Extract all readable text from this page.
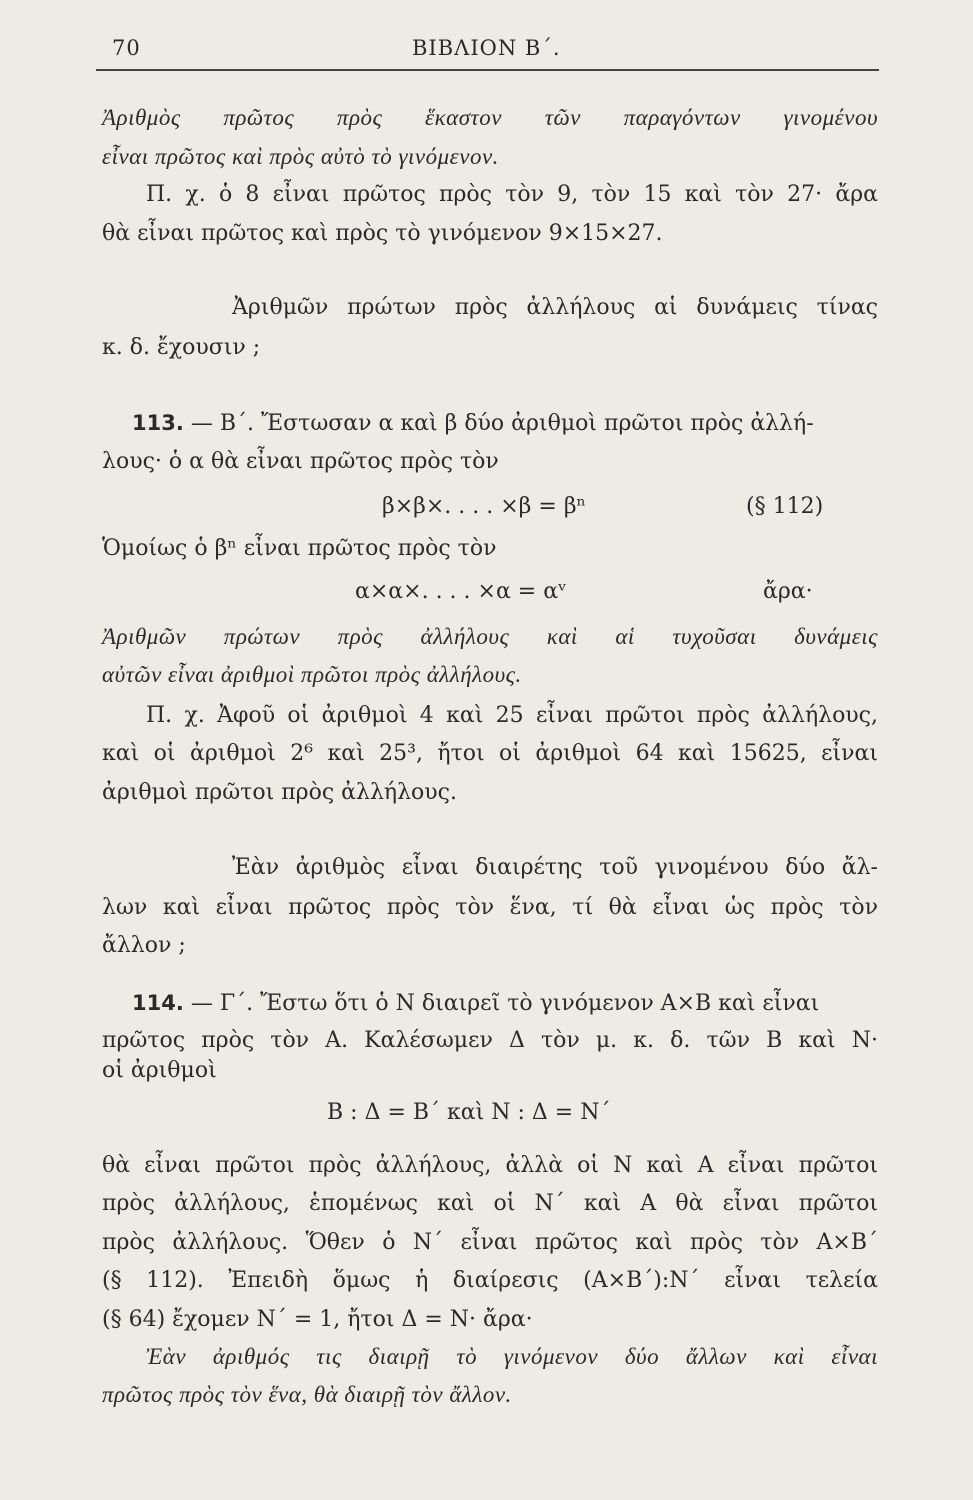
70	ΒΙΒΛΙΟΝ Β΄.
Ἀριθμὸς πρῶτος πρὸς ἕκαστον τῶν παραγόντων γινομένου
εἶναι πρῶτος καὶ πρὸς αὐτὸ τὸ γινόμενον.
Π. χ. ὁ 8 εἶναι πρῶτος πρὸς τὸν 9, τὸν 15 καὶ τὸν 27· ἄρα
θὰ εἶναι πρῶτος καὶ πρὸς τὸ γινόμενον 9×15×27.
Ἀριθμῶν πρώτων πρὸς ἀλλήλους αἱ δυνάμεις τίνας
κ. δ. ἔχουσιν ;
113. — Β΄. Ἔστωσαν α καὶ β δύο ἀριθμοὶ πρῶτοι πρὸς ἀλλή-
λους· ὁ α θὰ εἶναι πρῶτος πρὸς τὸν
β×β×. . . . ×β = βⁿ	(§ 112)
Ὁμοίως ὁ βⁿ εἶναι πρῶτος πρὸς τὸν
α×α×. . . . ×α = αᵛ	ἄρα·
Ἀριθμῶν πρώτων πρὸς ἀλλήλους καὶ αἱ τυχοῦσαι δυνάμεις
αὐτῶν εἶναι ἀριθμοὶ πρῶτοι πρὸς ἀλλήλους.
Π. χ. Ἀφοῦ οἱ ἀριθμοὶ 4 καὶ 25 εἶναι πρῶτοι πρὸς ἀλλήλους,
καὶ οἱ ἀριθμοὶ 2⁶ καὶ 25³, ἤτοι οἱ ἀριθμοὶ 64 καὶ 15625, εἶναι
ἀριθμοὶ πρῶτοι πρὸς ἀλλήλους.
Ἐὰν ἀριθμὸς εἶναι διαιρέτης τοῦ γινομένου δύο ἄλ-
λων καὶ εἶναι πρῶτος πρὸς τὸν ἕνα, τί θὰ εἶναι ὡς πρὸς τὸν
ἄλλον ;
114. — Γ΄. Ἔστω ὅτι ὁ Ν διαιρεῖ τὸ γινόμενον Α×Β καὶ εἶναι
πρῶτος πρὸς τὸν Α. Καλέσωμεν Δ τὸν μ. κ. δ. τῶν Β καὶ Ν·
οἱ ἀριθμοὶ
Β : Δ = Β΄ καὶ Ν : Δ = Ν΄
θὰ εἶναι πρῶτοι πρὸς ἀλλήλους, ἀλλὰ οἱ Ν καὶ Α εἶναι πρῶτοι
πρὸς ἀλλήλους, ἑπομένως καὶ οἱ Ν΄ καὶ Α θὰ εἶναι πρῶτοι
πρὸς ἀλλήλους. Ὅθεν ὁ Ν΄ εἶναι πρῶτος καὶ πρὸς τὸν Α×Β΄
(§ 112). Ἐπειδὴ ὅμως ἡ διαίρεσις (Α×Β΄):Ν΄ εἶναι τελεία
(§ 64) ἔχομεν Ν΄ = 1, ἤτοι Δ = Ν· ἄρα·
Ἐὰν ἀριθμός τις διαιρῇ τὸ γινόμενον δύο ἄλλων καὶ εἶναι
πρῶτος πρὸς τὸν ἕνα, θὰ διαιρῇ τὸν ἄλλον.
